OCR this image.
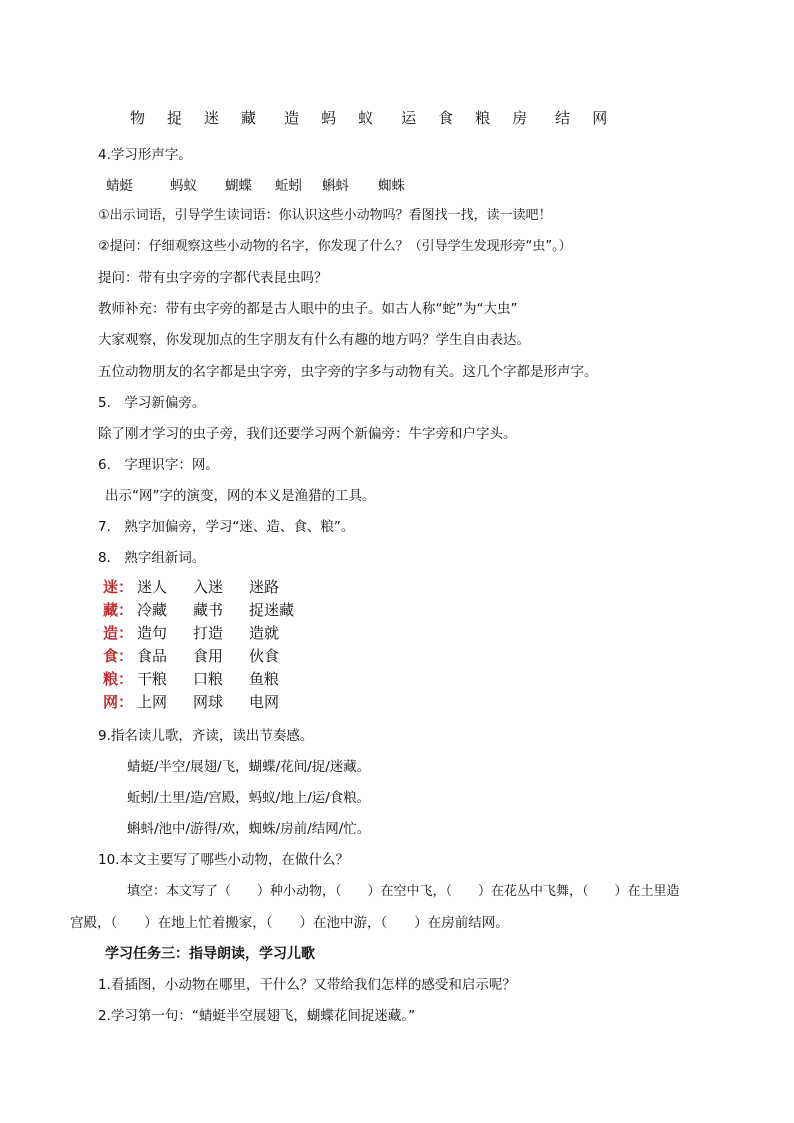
物 捉 迷 藏 造 蚂 蚁 运 食 粮 房 结 网
4.学习形声字。
蜻蜓	蚂蚁 蝴蝶 蚯蚓 蝌蚪 蜘蛛
①出示词语，引导学生读词语：你认识这些小动物吗？看图找一找，读一读吧！
②提问：仔细观察这些小动物的名字，你发现了什么？（引导学生发现形旁“虫”。）
提问：带有虫字旁的字都代表昆虫吗？
教师补充：带有虫字旁的都是古人眼中的虫子。如古人称“蛇”为“大虫”
大家观察，你发现加点的生字朋友有什么有趣的地方吗？学生自由表达。
五位动物朋友的名字都是虫字旁，虫字旁的字多与动物有关。这几个字都是形声字。
5.　学习新偏旁。
除了刚才学习的虫子旁，我们还要学习两个新偏旁：牛字旁和户字头。
6.　字理识字：网。
出示“网”字的演变，网的本义是渔猎的工具。
7.　熟字加偏旁，学习“迷、造、食、粮”。
8.　熟字组新词。
迷： 迷人 入迷 迷路
藏： 冷藏 藏书 捉迷藏
造： 造句 打造 造就
食： 食品 食用 伙食
粮： 干粮 口粮 鱼粮
网： 上网 网球 电网
9.指名读儿歌，齐读，读出节奏感。
蜻蜓/半空/展翅/飞，蝴蝶/花间/捉/迷藏。
蚯蚓/土里/造/宫殿，蚂蚁/地上/运/食粮。
蝌蚪/池中/游得/欢，蜘蛛/房前/结网/忙。
10.本文主要写了哪些小动物，在做什么？
填空：本文写了（　　）种小动物，（　　）在空中飞，（　　）在花丛中飞舞，（　　）在土里造
宫殿，（　　）在地上忙着搬家，（　　）在池中游，（　　）在房前结网。
学习任务三：指导朗读，学习儿歌
1.看插图，小动物在哪里，干什么？又带给我们怎样的感受和启示呢？
2.学习第一句：“蜻蜓半空展翅飞，蝴蝶花间捉迷藏。”
